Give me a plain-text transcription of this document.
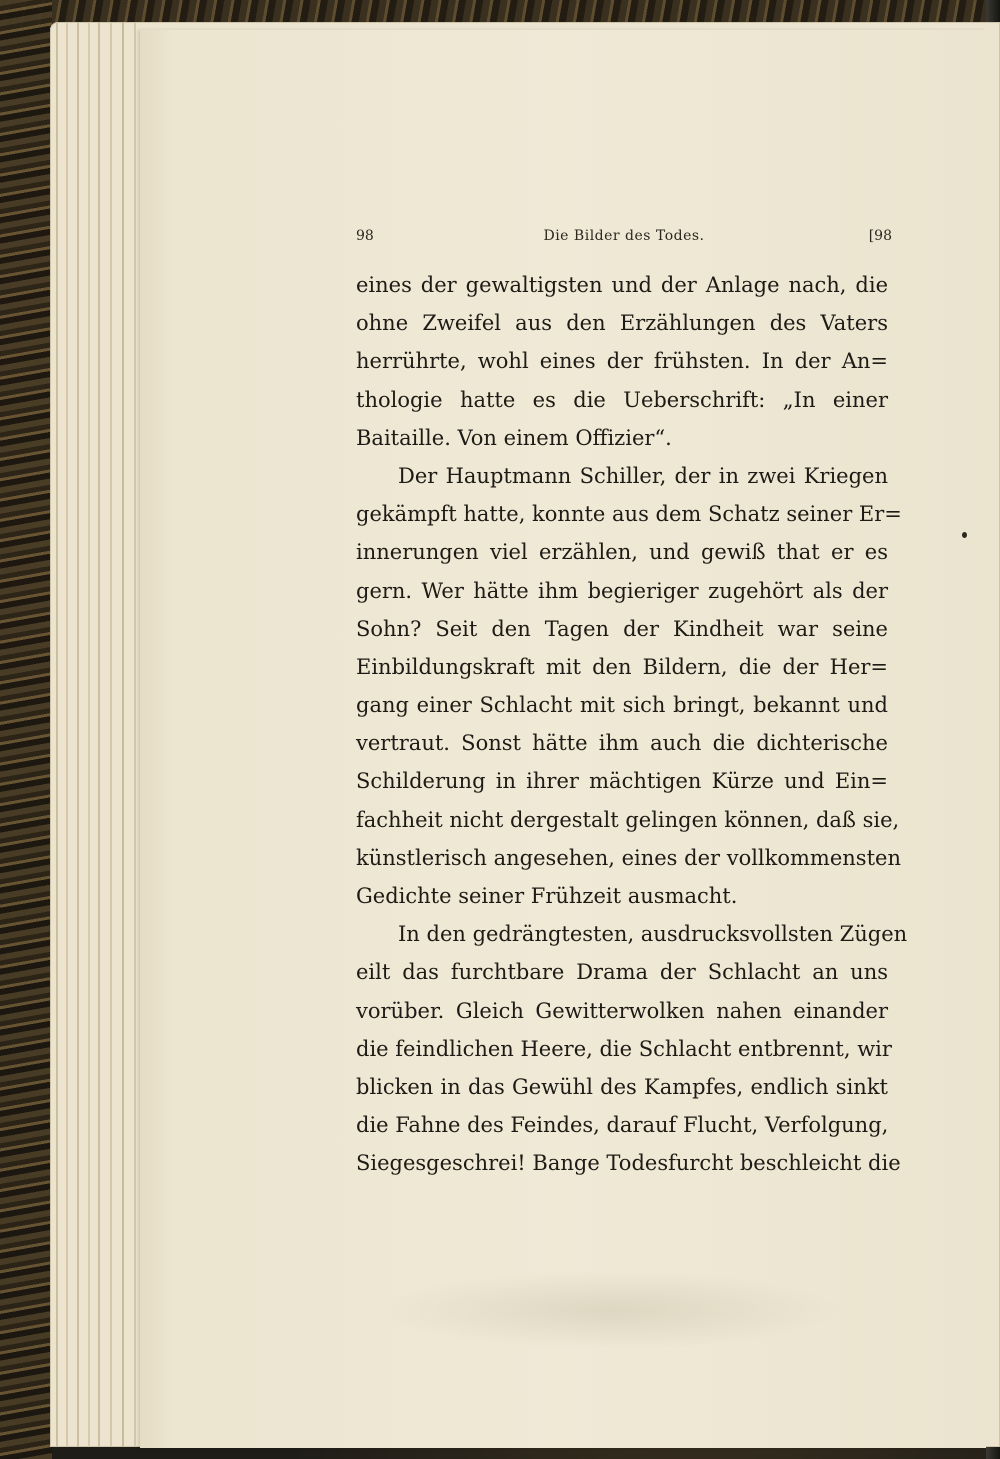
98	Die Bilder des Todes.	[98
eines der gewaltigsten und der Anlage nach, die
ohne Zweifel aus den Erzählungen des Vaters
herrührte, wohl eines der frühsten. In der An=
thologie hatte es die Ueberschrift: „In einer
Baitaille. Von einem Offizier“.
Der Hauptmann Schiller, der in zwei Kriegen
gekämpft hatte, konnte aus dem Schatz seiner Er=
innerungen viel erzählen, und gewiß that er es
gern. Wer hätte ihm begieriger zugehört als der
Sohn? Seit den Tagen der Kindheit war seine
Einbildungskraft mit den Bildern, die der Her=
gang einer Schlacht mit sich bringt, bekannt und
vertraut. Sonst hätte ihm auch die dichterische
Schilderung in ihrer mächtigen Kürze und Ein=
fachheit nicht dergestalt gelingen können, daß sie,
künstlerisch angesehen, eines der vollkommensten
Gedichte seiner Frühzeit ausmacht.
In den gedrängtesten, ausdrucksvollsten Zügen
eilt das furchtbare Drama der Schlacht an uns
vorüber. Gleich Gewitterwolken nahen einander
die feindlichen Heere, die Schlacht entbrennt, wir
blicken in das Gewühl des Kampfes, endlich sinkt
die Fahne des Feindes, darauf Flucht, Verfolgung,
Siegesgeschrei! Bange Todesfurcht beschleicht die
